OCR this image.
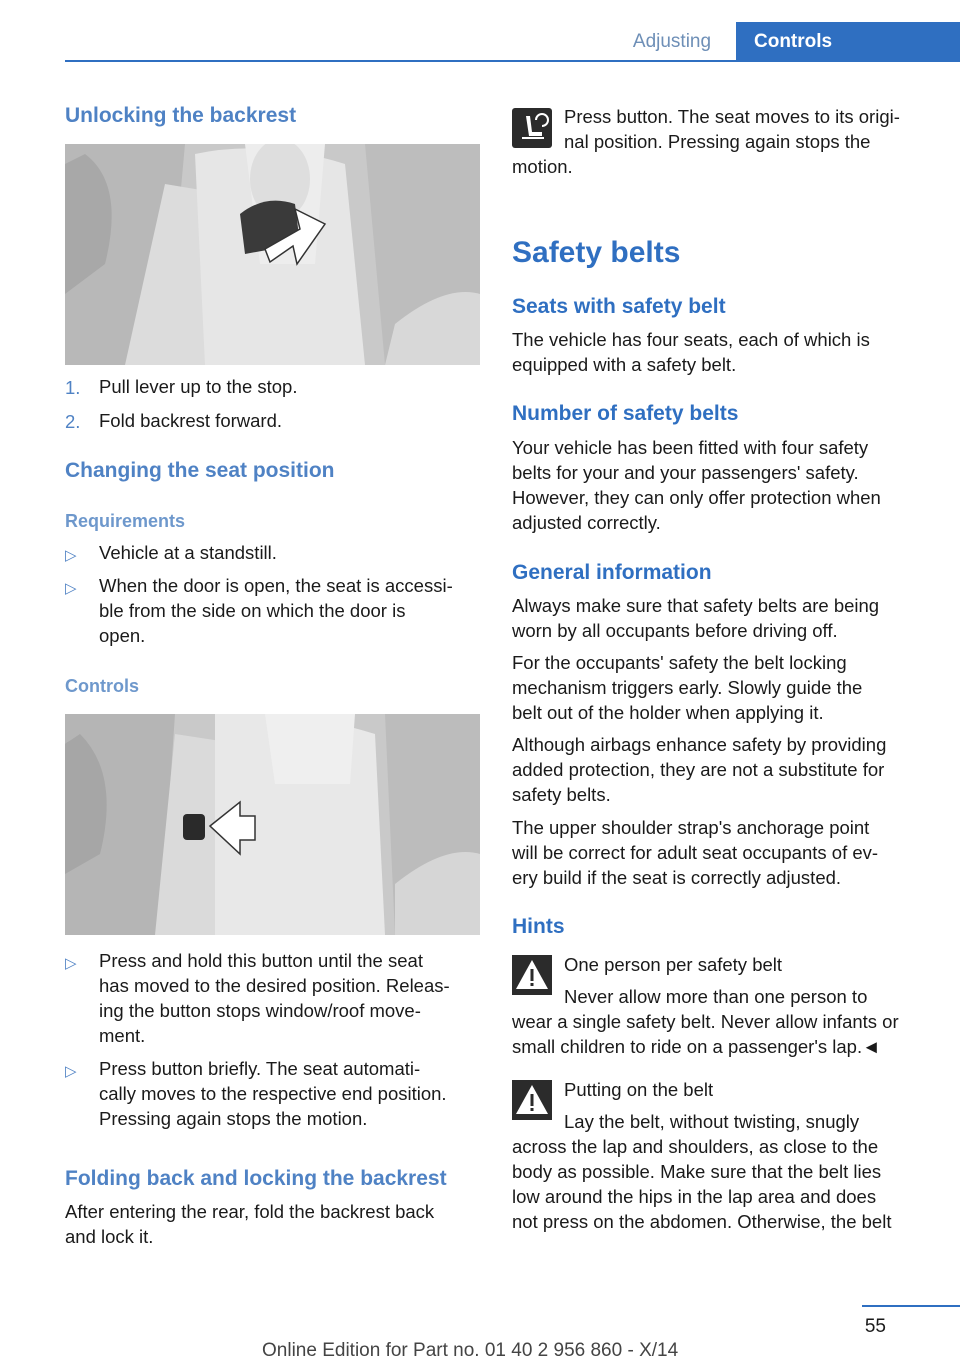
Adjusting	Controls
Unlocking the backrest
1. Pull lever up to the stop.
2. Fold backrest forward.
Changing the seat position
Requirements
▷ Vehicle at a standstill.
▷ When the door is open, the seat is accessi‐
ble from the side on which the door is
open.
Controls
▷ Press and hold this button until the seat
has moved to the desired position. Releas‐
ing the button stops window/roof move‐
ment.
▷ Press button briefly. The seat automati‐
cally moves to the respective end position.
Pressing again stops the motion.
Folding back and locking the backrest
After entering the rear, fold the backrest back
and lock it.
Press button. The seat moves to its origi‐
nal position. Pressing again stops the
motion.
Safety belts
Seats with safety belt
The vehicle has four seats, each of which is
equipped with a safety belt.
Number of safety belts
Your vehicle has been fitted with four safety
belts for your and your passengers' safety.
However, they can only offer protection when
adjusted correctly.
General information
Always make sure that safety belts are being
worn by all occupants before driving off.
For the occupants' safety the belt locking
mechanism triggers early. Slowly guide the
belt out of the holder when applying it.
Although airbags enhance safety by providing
added protection, they are not a substitute for
safety belts.
The upper shoulder strap's anchorage point
will be correct for adult seat occupants of ev‐
ery build if the seat is correctly adjusted.
Hints
One person per safety belt
Never allow more than one person to
wear a single safety belt. Never allow infants or
small children to ride on a passenger's lap.◄
Putting on the belt
Lay the belt, without twisting, snugly
across the lap and shoulders, as close to the
body as possible. Make sure that the belt lies
low around the hips in the lap area and does
not press on the abdomen. Otherwise, the belt
55
Online Edition for Part no. 01 40 2 956 860 - X/14
